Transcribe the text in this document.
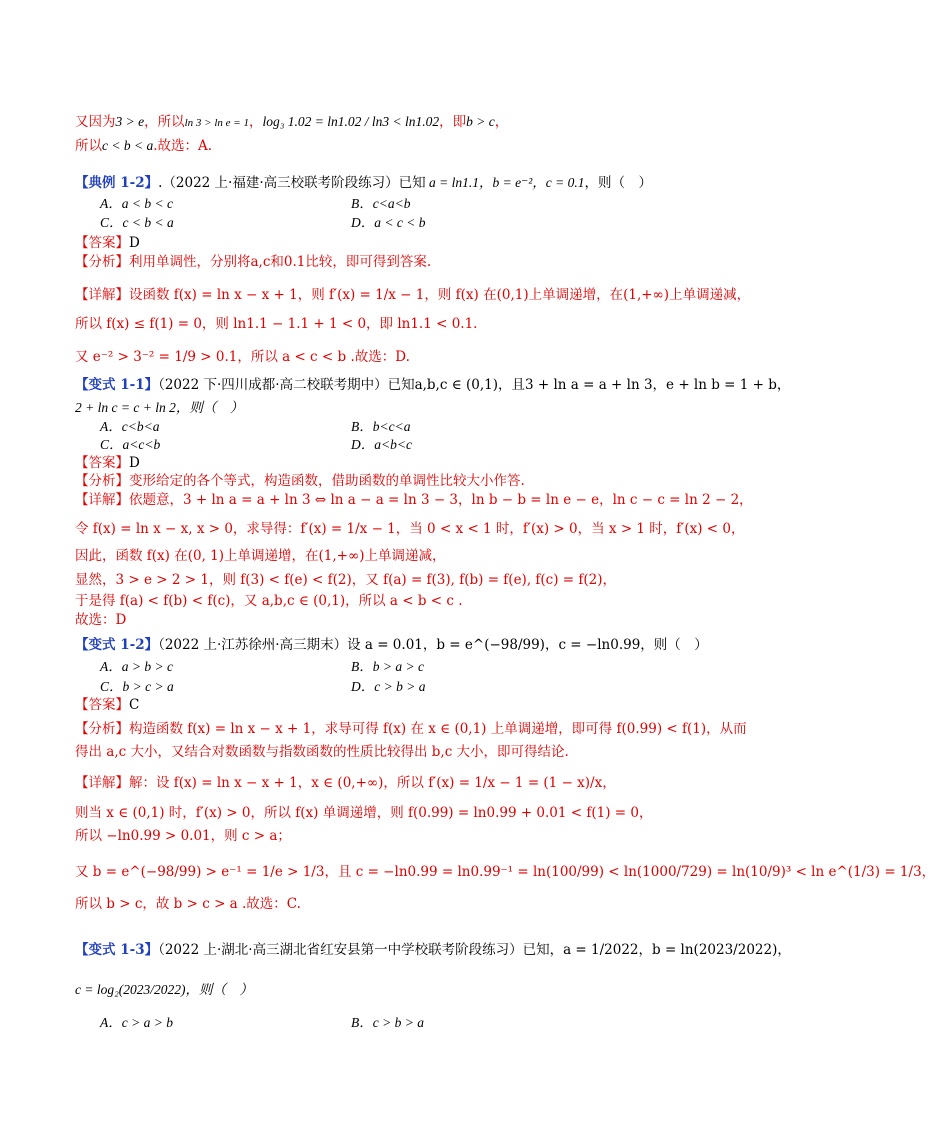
又因为3 > e，所以ln 3 > ln e = 1，log₃ 1.02 = ln1.02 / ln3 < ln1.02，即b > c，
所以c < b < a.故选：A.
【典例 1-2】.（2022 上·福建·高三校联考阶段练习）已知 a = ln1.1，b = e⁻²，c = 0.1，则（　）
A．a < b < c	B．c<a<b
C．c < b < a	D．a < c < b
【答案】D
【分析】利用单调性，分别将a,c和0.1比较，即可得到答案.
【详解】设函数 f(x) = ln x − x + 1，则 f′(x) = 1/x − 1，则 f(x) 在(0,1)上单调递增，在(1,+∞)上单调递减，
所以 f(x) ≤ f(1) = 0，则 ln1.1 − 1.1 + 1 < 0，即 ln1.1 < 0.1.
又 e⁻² > 3⁻² = 1/9 > 0.1，所以 a < c < b .故选：D.
【变式 1-1】（2022 下·四川成都·高二校联考期中）已知a,b,c ∈ (0,1)，且3 + ln a = a + ln 3，e + ln b = 1 + b，
2 + ln c = c + ln 2，则（　）
A．c<b<a	B．b<c<a
C．a<c<b	D．a<b<c
【答案】D
【分析】变形给定的各个等式，构造函数，借助函数的单调性比较大小作答.
【详解】依题意，3 + ln a = a + ln 3 ⇔ ln a − a = ln 3 − 3，ln b − b = ln e − e，ln c − c = ln 2 − 2，
令 f(x) = ln x − x, x > 0，求导得：f′(x) = 1/x − 1，当 0 < x < 1 时，f′(x) > 0，当 x > 1 时，f′(x) < 0，
因此，函数 f(x) 在(0, 1)上单调递增，在(1,+∞)上单调递减，
显然，3 > e > 2 > 1，则 f(3) < f(e) < f(2)，又 f(a) = f(3), f(b) = f(e), f(c) = f(2)，
于是得 f(a) < f(b) < f(c)，又 a,b,c ∈ (0,1)，所以 a < b < c .
故选：D
【变式 1-2】（2022 上·江苏徐州·高三期末）设 a = 0.01，b = e^(−98/99)，c = −ln0.99，则（　）
A．a > b > c	B．b > a > c
C．b > c > a	D．c > b > a
【答案】C
【分析】构造函数 f(x) = ln x − x + 1，求导可得 f(x) 在 x ∈ (0,1) 上单调递增，即可得 f(0.99) < f(1)，从而
得出 a,c 大小，又结合对数函数与指数函数的性质比较得出 b,c 大小，即可得结论.
【详解】解：设 f(x) = ln x − x + 1，x ∈ (0,+∞)，所以 f′(x) = 1/x − 1 = (1 − x)/x，
则当 x ∈ (0,1) 时，f′(x) > 0，所以 f(x) 单调递增，则 f(0.99) = ln0.99 + 0.01 < f(1) = 0，
所以 −ln0.99 > 0.01，则 c > a；
又 b = e^(−98/99) > e⁻¹ = 1/e > 1/3，且 c = −ln0.99 = ln0.99⁻¹ = ln(100/99) < ln(1000/729) = ln(10/9)³ < ln e^(1/3) = 1/3，
所以 b > c，故 b > c > a .故选：C.
【变式 1-3】（2022 上·湖北·高三湖北省红安县第一中学校联考阶段练习）已知，a = 1/2022，b = ln(2023/2022)，
c = log₂(2023/2022)，则（　）
A．c > a > b	B．c > b > a
